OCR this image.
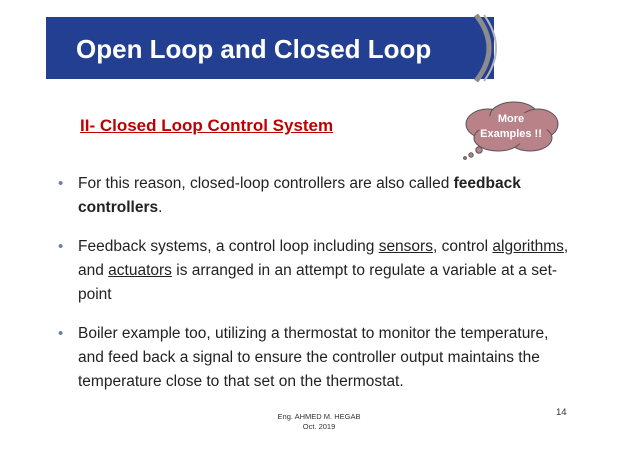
Open Loop and Closed Loop
II- Closed Loop Control System	More
Examples !!
• For this reason, closed-loop controllers are also called feedback controllers.
• Feedback systems, a control loop including sensors, control algorithms, and actuators is arranged in an attempt to regulate a variable at a set-point
• Boiler example too, utilizing a thermostat to monitor the temperature, and feed back a signal to ensure the controller output maintains the temperature close to that set on the thermostat.
Eng. AHMED M. HEGAB
Oct. 2019
14
